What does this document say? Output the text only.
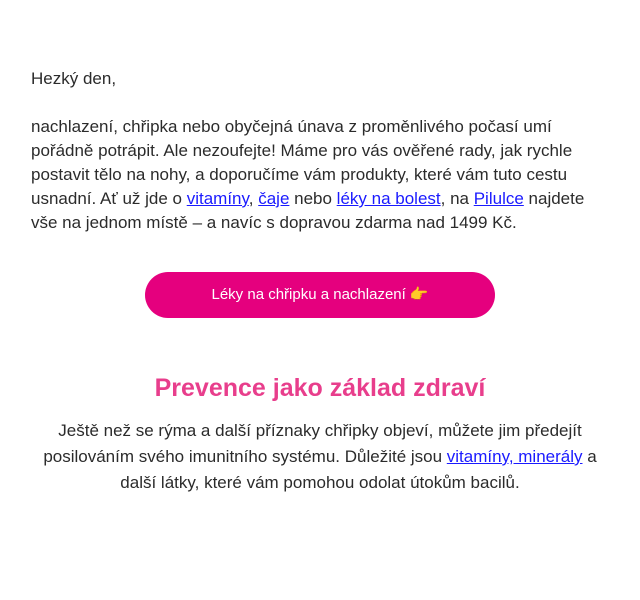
Hezký den,

nachlazení, chřipka nebo obyčejná únava z proměnlivého počasí umí pořádně potrápit. Ale nezoufejte! Máme pro vás ověřené rady, jak rychle postavit tělo na nohy, a doporučíme vám produkty, které vám tuto cestu usnadní. Ať už jde o vitamíny, čaje nebo léky na bolest, na Pilulce najdete vše na jednom místě – a navíc s dopravou zdarma nad 1499 Kč.

Léky na chřipku a nachlazení 👉
Prevence jako základ zdraví

Ještě než se rýma a další příznaky chřipky objeví, můžete jim předejít posilováním svého imunitního systému. Důležité jsou vitamíny, minerály a další látky, které vám pomohou odolat útokům bacilů.
